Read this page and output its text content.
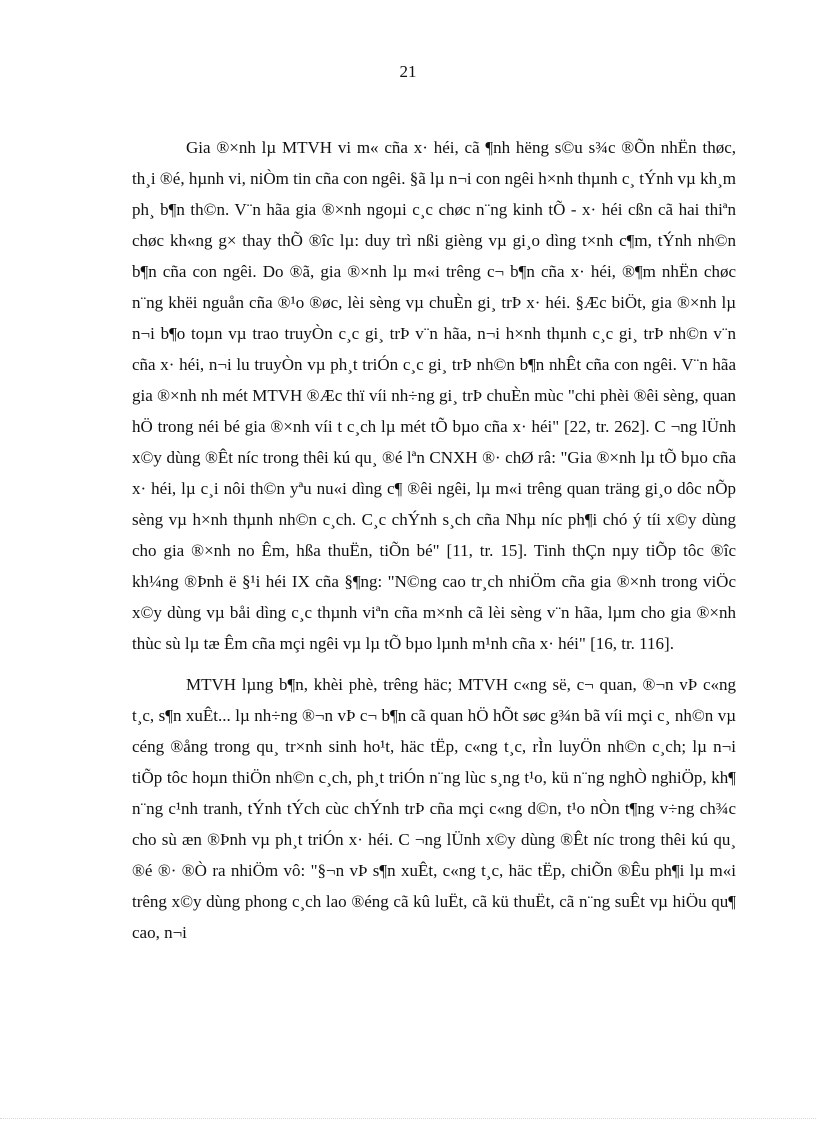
21

Gia ®×nh lµ MTVH vi m« cña x· héi, cã ¶nh hëng s©u s¾c ®Õn nhËn thøc, th¸i ®é, hµnh vi, niÒm tin cña con ngêi. §ã lµ n¬i con ngêi h×nh thµnh c¸ tÝnh vµ kh¸m ph¸ b¶n th©n. V¨n hãa gia ®×nh ngoµi c¸c chøc n¨ng kinh tÕ - x· héi cßn cã hai thiªn chøc kh«ng g× thay thÕ ®îc lµ: duy trì nßi gièng vµ gi¸o dìng t×nh c¶m, tÝnh nh©n b¶n cña con ngêi. Do ®ã, gia ®×nh lµ m«i trêng c¬ b¶n cña x· héi, ®¶m nhËn chøc n¨ng khëi nguån cña ®¹o ®øc, lèi sèng vµ chuÈn gi¸ trÞ x· héi. §Æc biÖt, gia ®×nh lµ n¬i b¶o toµn vµ trao truyÒn c¸c gi¸ trÞ v¨n hãa, n¬i h×nh thµnh c¸c gi¸ trÞ nh©n v¨n cña x· héi, n¬i lu truyÒn vµ ph¸t triÓn c¸c gi¸ trÞ nh©n b¶n nhÊt cña con ngêi. V¨n hãa gia ®×nh nh mét MTVH ®Æc thï víi nh÷ng gi¸ trÞ chuÈn mùc "chi phèi ®êi sèng, quan hÖ trong néi bé gia ®×nh víi t c¸ch lµ mét tÕ bµo cña x· héi" [22, tr. 262]. C ¬ng lÜnh x©y dùng ®Êt níc trong thêi kú qu¸ ®é lªn CNXH ®· chØ râ: "Gia ®×nh lµ tÕ bµo cña x· héi, lµ c¸i nôi th©n yªu nu«i dìng c¶ ®êi ngêi, lµ m«i trêng quan träng gi¸o dôc nÕp sèng vµ h×nh thµnh nh©n c¸ch. C¸c chÝnh s¸ch cña Nhµ níc ph¶i chó ý tíi x©y dùng cho gia ®×nh no Êm, hßa thuËn, tiÕn bé" [11, tr. 15]. Tinh thÇn nµy tiÕp tôc ®îc kh¼ng ®Þnh ë §¹i héi IX cña §¶ng: "N©ng cao tr¸ch nhiÖm cña gia ®×nh trong viÖc x©y dùng vµ båi dìng c¸c thµnh viªn cña m×nh cã lèi sèng v¨n hãa, lµm cho gia ®×nh thùc sù lµ tæ Êm cña mçi ngêi vµ lµ tÕ bµo lµnh m¹nh cña x· héi" [16, tr. 116].

MTVH lµng b¶n, khèi phè, trêng häc; MTVH c«ng së, c¬ quan, ®¬n vÞ c«ng t¸c, s¶n xuÊt... lµ nh÷ng ®¬n vÞ c¬ b¶n cã quan hÖ hÕt søc g¾n bã víi mçi c¸ nh©n vµ céng ®ång trong qu¸ tr×nh sinh ho¹t, häc tËp, c«ng t¸c, rÌn luyÖn nh©n c¸ch; lµ n¬i tiÕp tôc hoµn thiÖn nh©n c¸ch, ph¸t triÓn n¨ng lùc s¸ng t¹o, kü n¨ng nghÒ nghiÖp, kh¶ n¨ng c¹nh tranh, tÝnh tÝch cùc chÝnh trÞ cña mçi c«ng d©n, t¹o nÒn t¶ng v÷ng ch¾c cho sù æn ®Þnh vµ ph¸t triÓn x· héi. C ¬ng lÜnh x©y dùng ®Êt níc trong thêi kú qu¸ ®é ®· ®Ò ra nhiÖm vô: "§¬n vÞ s¶n xuÊt, c«ng t¸c, häc tËp, chiÕn ®Êu ph¶i lµ m«i trêng x©y dùng phong c¸ch lao ®éng cã kû luËt, cã kü thuËt, cã n¨ng suÊt vµ hiÖu qu¶ cao, n¬i
